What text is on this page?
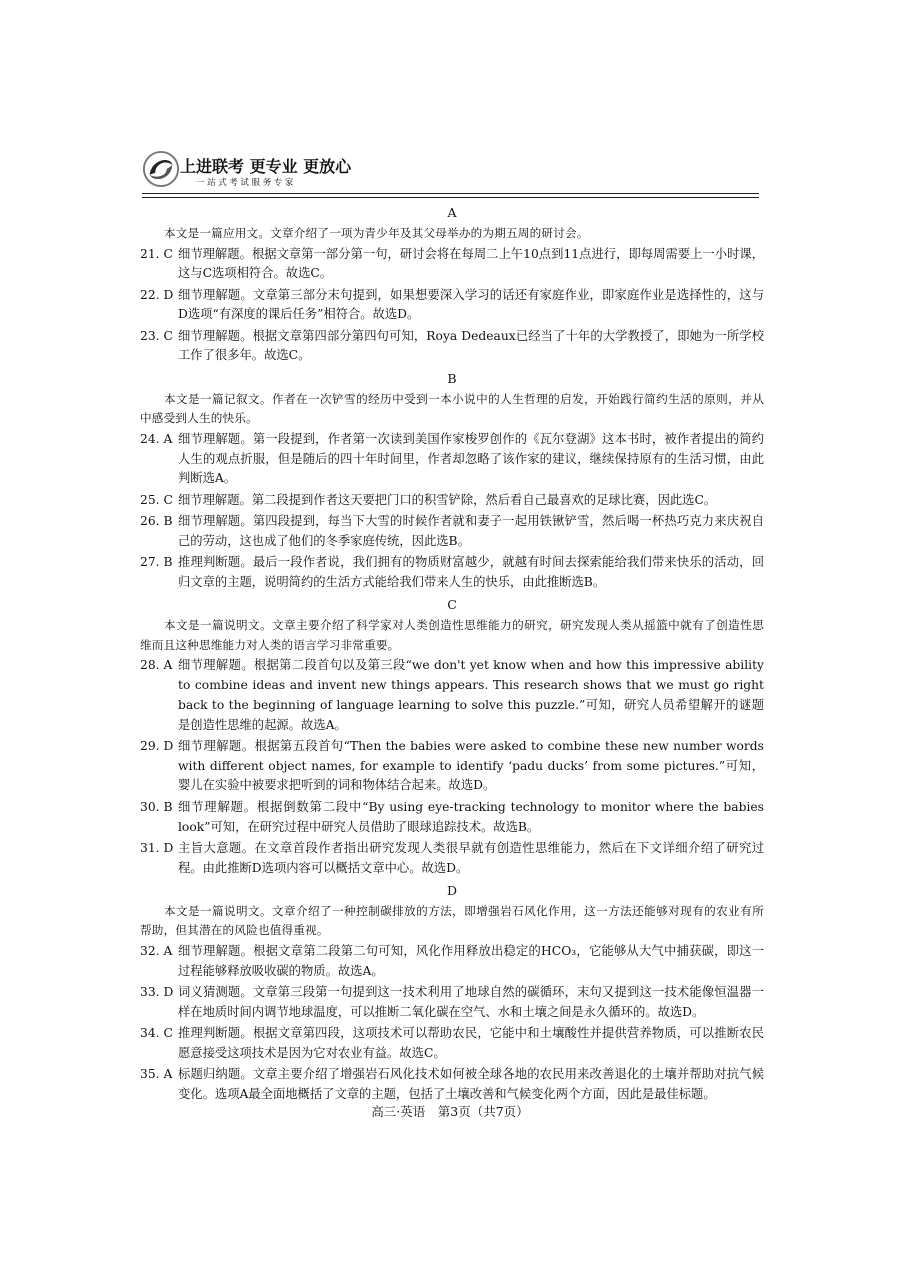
上进联考 更专业 更放心
一站式考试服务专家
A

本文是一篇应用文。文章介绍了一项为青少年及其父母举办的为期五周的研讨会。

21. C 细节理解题。根据文章第一部分第一句，研讨会将在每周二上午10点到11点进行，即每周需要上一小时课，这与C选项相符合。故选C。
22. D 细节理解题。文章第三部分末句提到，如果想要深入学习的话还有家庭作业，即家庭作业是选择性的，这与D选项“有深度的课后任务”相符合。故选D。
23. C 细节理解题。根据文章第四部分第四句可知，Roya Dedeaux已经当了十年的大学教授了，即她为一所学校工作了很多年。故选C。
B

本文是一篇记叙文。作者在一次铲雪的经历中受到一本小说中的人生哲理的启发，开始践行简约生活的原则，并从中感受到人生的快乐。

24. A 细节理解题。第一段提到，作者第一次读到美国作家梭罗创作的《瓦尔登湖》这本书时，被作者提出的简约人生的观点折服，但是随后的四十年时间里，作者却忽略了该作家的建议，继续保持原有的生活习惯，由此判断选A。
25. C 细节理解题。第二段提到作者这天要把门口的积雪铲除，然后看自己最喜欢的足球比赛，因此选C。
26. B 细节理解题。第四段提到，每当下大雪的时候作者就和妻子一起用铁锹铲雪，然后喝一杯热巧克力来庆祝自己的劳动，这也成了他们的冬季家庭传统，因此选B。
27. B 推理判断题。最后一段作者说，我们拥有的物质财富越少，就越有时间去探索能给我们带来快乐的活动，回归文章的主题，说明简约的生活方式能给我们带来人生的快乐，由此推断选B。
C

本文是一篇说明文。文章主要介绍了科学家对人类创造性思维能力的研究，研究发现人类从摇篮中就有了创造性思维而且这种思维能力对人类的语言学习非常重要。

28. A 细节理解题。根据第二段首句以及第三段“we don't yet know when and how this impressive ability to combine ideas and invent new things appears. This research shows that we must go right back to the beginning of language learning to solve this puzzle.”可知，研究人员希望解开的谜题是创造性思维的起源。故选A。
29. D 细节理解题。根据第五段首句“Then the babies were asked to combine these new number words with different object names, for example to identify ‘padu ducks’ from some pictures.”可知，婴儿在实验中被要求把听到的词和物体结合起来。故选D。
30. B 细节理解题。根据倒数第二段中“By using eye-tracking technology to monitor where the babies look”可知，在研究过程中研究人员借助了眼球追踪技术。故选B。
31. D 主旨大意题。在文章首段作者指出研究发现人类很早就有创造性思维能力，然后在下文详细介绍了研究过程。由此推断D选项内容可以概括文章中心。故选D。
D

本文是一篇说明文。文章介绍了一种控制碳排放的方法，即增强岩石风化作用，这一方法还能够对现有的农业有所帮助，但其潜在的风险也值得重视。

32. A 细节理解题。根据文章第二段第二句可知，风化作用释放出稳定的HCO₃，它能够从大气中捕获碳，即这一过程能够释放吸收碳的物质。故选A。
33. D 词义猜测题。文章第三段第一句提到这一技术利用了地球自然的碳循环，末句又提到这一技术能像恒温器一样在地质时间内调节地球温度，可以推断二氧化碳在空气、水和土壤之间是永久循环的。故选D。
34. C 推理判断题。根据文章第四段，这项技术可以帮助农民，它能中和土壤酸性并提供营养物质，可以推断农民愿意接受这项技术是因为它对农业有益。故选C。
35. A 标题归纳题。文章主要介绍了增强岩石风化技术如何被全球各地的农民用来改善退化的土壤并帮助对抗气候变化。选项A最全面地概括了文章的主题，包括了土壤改善和气候变化两个方面，因此是最佳标题。
高三·英语　第3页（共7页）
